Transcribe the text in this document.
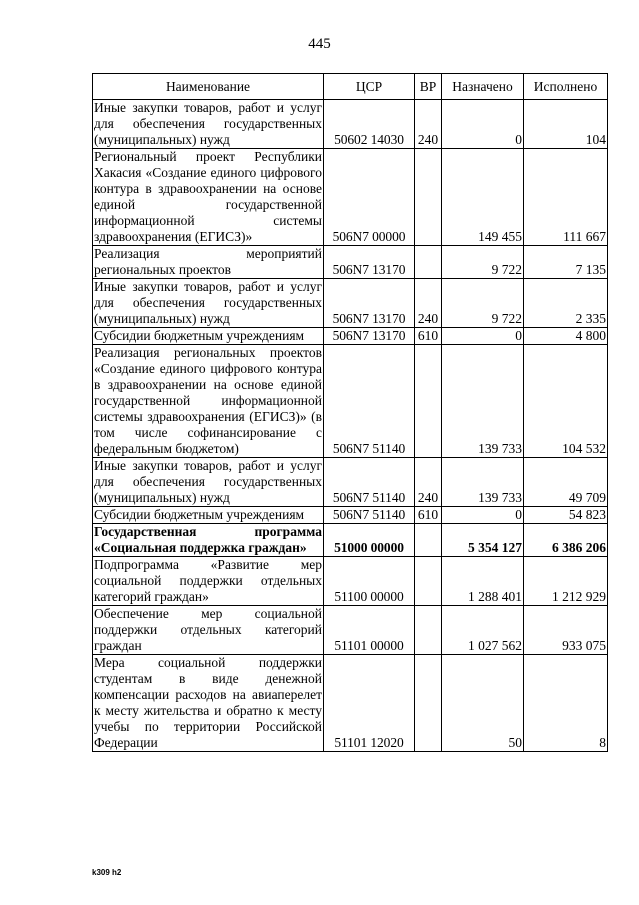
445
Наименование	ЦСР	ВР	Назначено	Исполнено
Иные закупки товаров, работ и услуг для обеспечения государственных (муниципальных) нужд	50602 14030	240	0	104
Региональный проект Республики Хакасия «Создание единого цифрового контура в здравоохранении на основе единой государственной информационной системы здравоохранения (ЕГИСЗ)»	506N7 00000		149 455	111 667
Реализация мероприятий региональных проектов	506N7 13170		9 722	7 135
Иные закупки товаров, работ и услуг для обеспечения государственных (муниципальных) нужд	506N7 13170	240	9 722	2 335
Субсидии бюджетным учреждениям	506N7 13170	610	0	4 800
Реализация региональных проектов «Создание единого цифрового контура в здравоохранении на основе единой государственной информационной системы здравоохранения (ЕГИСЗ)» (в том числе софинансирование с федеральным бюджетом)	506N7 51140		139 733	104 532
Иные закупки товаров, работ и услуг для обеспечения государственных (муниципальных) нужд	506N7 51140	240	139 733	49 709
Субсидии бюджетным учреждениям	506N7 51140	610	0	54 823
Государственная программа «Социальная поддержка граждан»	51000 00000		5 354 127	6 386 206
Подпрограмма «Развитие мер социальной поддержки отдельных категорий граждан»	51100 00000		1 288 401	1 212 929
Обеспечение мер социальной поддержки отдельных категорий граждан	51101 00000		1 027 562	933 075
Мера социальной поддержки студентам в виде денежной компенсации расходов на авиаперелет к месту жительства и обратно к месту учебы по территории Российской Федерации	51101 12020		50	8
k309 h2
